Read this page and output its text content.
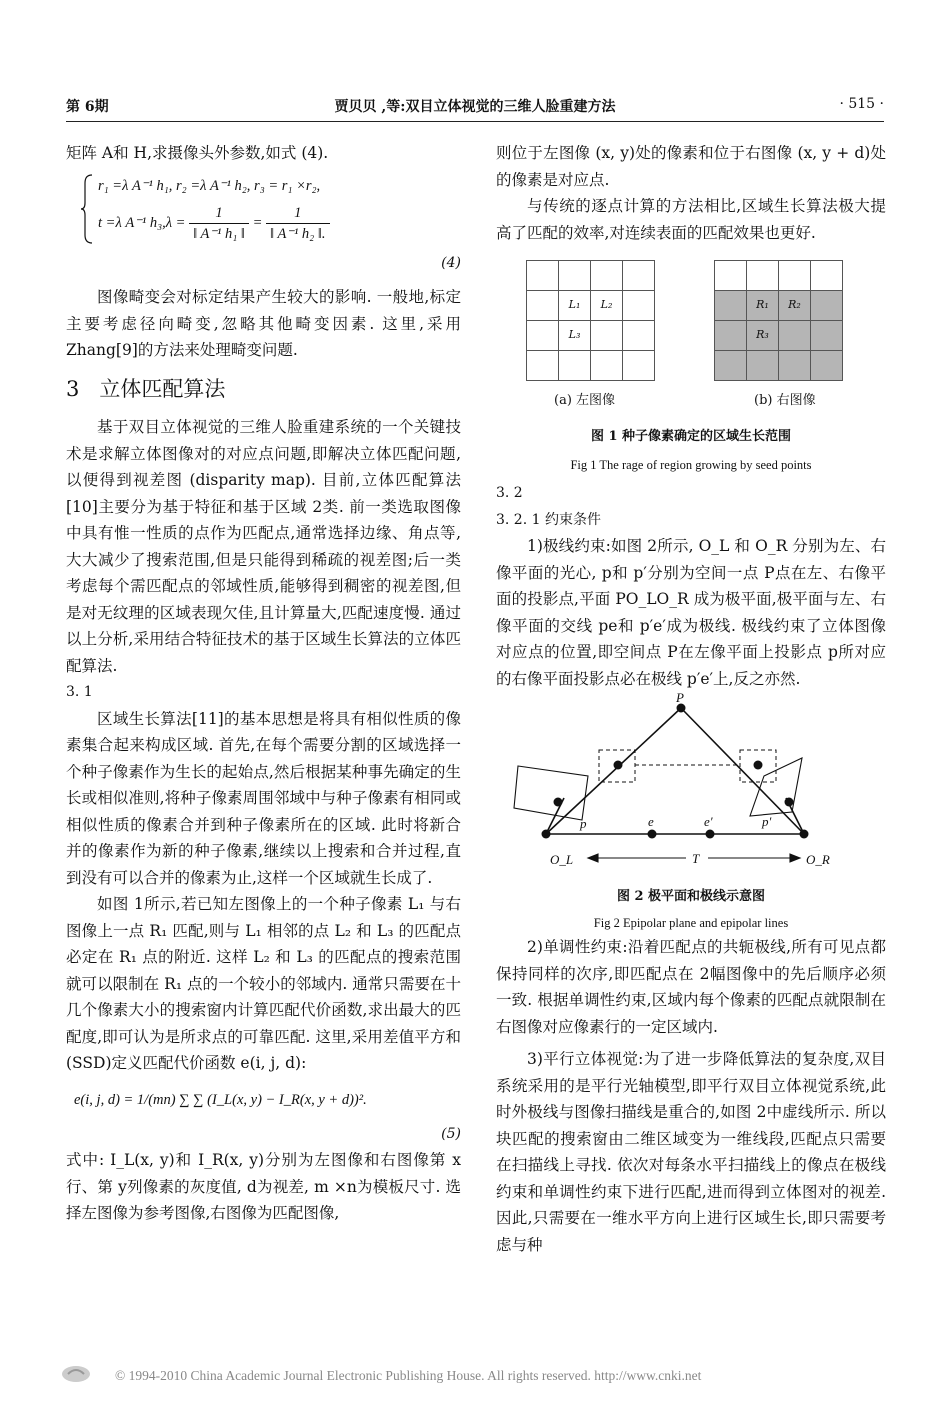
第 6期	贾贝贝 ,等:双目立体视觉的三维人脸重建方法	· 515 ·

矩阵 A和 H,求摄像头外参数,如式 (4).

r₁ =λ A⁻¹ h₁, r₂ =λ A⁻¹ h₂, r₃ = r₁ ×r₂,
t =λ A⁻¹ $h_3,\lambda = \frac{1}{\text{‖ A⁻¹ h₁ ‖}} = \frac{1}{\text{‖ A⁻¹ h₂ ‖.}}$
(4)

图像畸变会对标定结果产生较大的影响. 一般地,标定主要考虑径向畸变,忽略其他畸变因素. 这里,采用 Zhang[9]的方法来处理畸变问题.

3 立体匹配算法

基于双目立体视觉的三维人脸重建系统的一个关键技术是求解立体图像对的对应点问题,即解决立体匹配问题,以便得到视差图 (disparity map). 目前,立体匹配算法[10]主要分为基于特征和基于区域 2类. 前一类选取图像中具有惟一性质的点作为匹配点,通常选择边缘、角点等,大大减少了搜索范围,但是只能得到稀疏的视差图;后一类考虑每个需匹配点的邻域性质,能够得到稠密的视差图,但是对无纹理的区域表现欠佳,且计算量大,匹配速度慢. 通过以上分析,采用结合特征技术的基于区域生长算法的立体匹配算法.

3. 1

区域生长算法[11]的基本思想是将具有相似性质的像素集合起来构成区域. 首先,在每个需要分割的区域选择一个种子像素作为生长的起始点,然后根据某种事先确定的生长或相似准则,将种子像素周围邻域中与种子像素有相同或相似性质的像素合并到种子像素所在的区域. 此时将新合并的像素作为新的种子像素,继续以上搜索和合并过程,直到没有可以合并的像素为止,这样一个区域就生长成了.

如图 1所示,若已知左图像上的一个种子像素 L₁ 与右图像上一点 R₁ 匹配,则与 L₁ 相邻的点 L₂ 和 L₃ 的匹配点必定在 R₁ 点的附近. 这样 L₂ 和 L₃ 的匹配点的搜索范围就可以限制在 R₁ 点的一个较小的邻域内. 通常只需要在十几个像素大小的搜索窗内计算匹配代价函数,求出最大的匹配度,即可认为是所求点的可靠匹配. 这里,采用差值平方和 (SSD)定义匹配代价函数 e(i, j, d):

e(i, j, d) = 1/(mn) ∑ ∑ (I_L(x, y) − I_R(x, y + d))².
(5)

式中: I_L(x, y)和 I_R(x, y)分别为左图像和右图像第 x行、第 y列像素的灰度值, d为视差, m ×n为模板尺寸. 选择左图像为参考图像,右图像为匹配图像,

则位于左图像 (x, y)处的像素和位于右图像 (x, y + d)处的像素是对应点.

与传统的逐点计算的方法相比,区域生长算法极大提高了匹配的效率,对连续表面的匹配效果也更好.

	L₁	L₂	
	L₃		

	R₁	R₂	
	R₃		

(a) 左图像	(b) 右图像
图 1 种子像素确定的区域生长范围
Fig 1 The rage of region growing by seed points
3. 2
3. 2. 1 约束条件

1)极线约束:如图 2所示, O_L 和 O_R 分别为左、右像平面的光心, p和 p′分别为空间一点 P点在左、右像平面的投影点,平面 PO_LO_R 成为极平面,极平面与左、右像平面的交线 pe和 p′e′成为极线. 极线约束了立体图像对应点的位置,即空间点 P在左像平面上投影点 p所对应的右像平面投影点必在极线 p′e′上,反之亦然.

P
p	e	e′	p′
O_L	T	O_R
图 2 极平面和极线示意图
Fig 2 Epipolar plane and epipolar lines

2)单调性约束:沿着匹配点的共轭极线,所有可见点都保持同样的次序,即匹配点在 2幅图像中的先后顺序必须一致. 根据单调性约束,区域内每个像素的匹配点就限制在右图像对应像素行的一定区域内.

3)平行立体视觉:为了进一步降低算法的复杂度,双目系统采用的是平行光轴模型,即平行双目立体视觉系统,此时外极线与图像扫描线是重合的,如图 2中虚线所示. 所以块匹配的搜索窗由二维区域变为一维线段,匹配点只需要在扫描线上寻找. 依次对每条水平扫描线上的像点在极线约束和单调性约束下进行匹配,进而得到立体图对的视差. 因此,只需要在一维水平方向上进行区域生长,即只需要考虑与种

© 1994-2010 China Academic Journal Electronic Publishing House. All rights reserved. http://www.cnki.net
